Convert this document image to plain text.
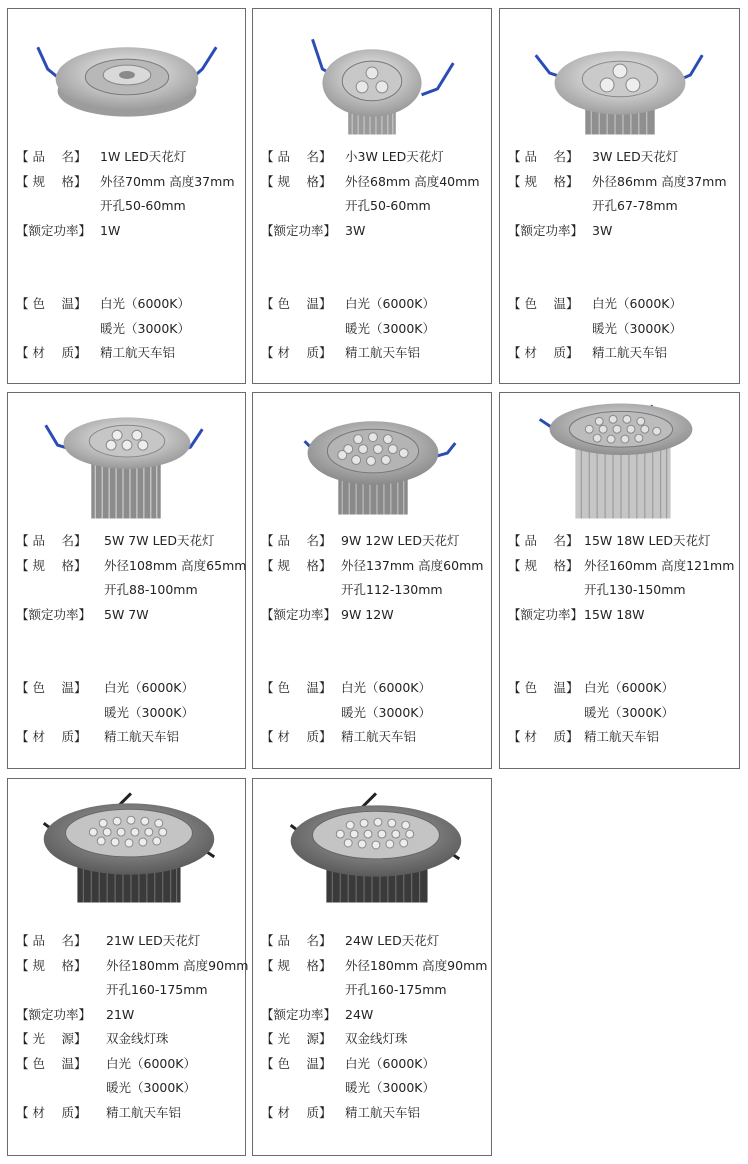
【 品　 名】	1W LED天花灯
【 规　 格】	外径70mm 高度37mm
开孔50-60mm
【额定功率】 1W
【 色　 温】	白光（6000K）
暖光（3000K）
【 材　 质】	精工航天车铝
【 品　 名】	小3W LED天花灯
【 规　 格】	外径68mm 高度40mm
开孔50-60mm
【额定功率】 3W
【 色　 温】	白光（6000K）
暖光（3000K）
【 材　 质】	精工航天车铝
【 品　 名】	3W LED天花灯
【 规　 格】	外径86mm 高度37mm
开孔67-78mm
【额定功率】 3W
【 色　 温】	白光（6000K）
暖光（3000K）
【 材　 质】	精工航天车铝
【 品　 名】	5W 7W LED天花灯
【 规　 格】	外径108mm 高度65mm
开孔88-100mm
【额定功率】	5W 7W
【 色　 温】	白光（6000K）
暖光（3000K）
【 材　 质】	精工航天车铝
【 品　 名】 9W 12W LED天花灯
【 规　 格】 外径137mm 高度60mm
开孔112-130mm
【额定功率】 9W 12W
【 色　 温】 白光（6000K）
暖光（3000K）
【 材　 质】 精工航天车铝
【 品　 名】 15W 18W LED天花灯
【 规　 格】 外径160mm 高度121mm
开孔130-150mm
【额定功率】 15W 18W
【 色　 温】 白光（6000K）
暖光（3000K）
【 材　 质】 精工航天车铝
【 品　 名】	21W LED天花灯
【 规　 格】	外径180mm 高度90mm
开孔160-175mm
【额定功率】	21W
【 光　 源】	双金线灯珠
【 色　 温】	白光（6000K）
暖光（3000K）
【 材　 质】	精工航天车铝
【 品　 名】	24W LED天花灯
【 规　 格】	外径180mm 高度90mm
开孔160-175mm
【额定功率】 24W
【 光　 源】	双金线灯珠
【 色　 温】	白光（6000K）
暖光（3000K）
【 材　 质】	精工航天车铝
